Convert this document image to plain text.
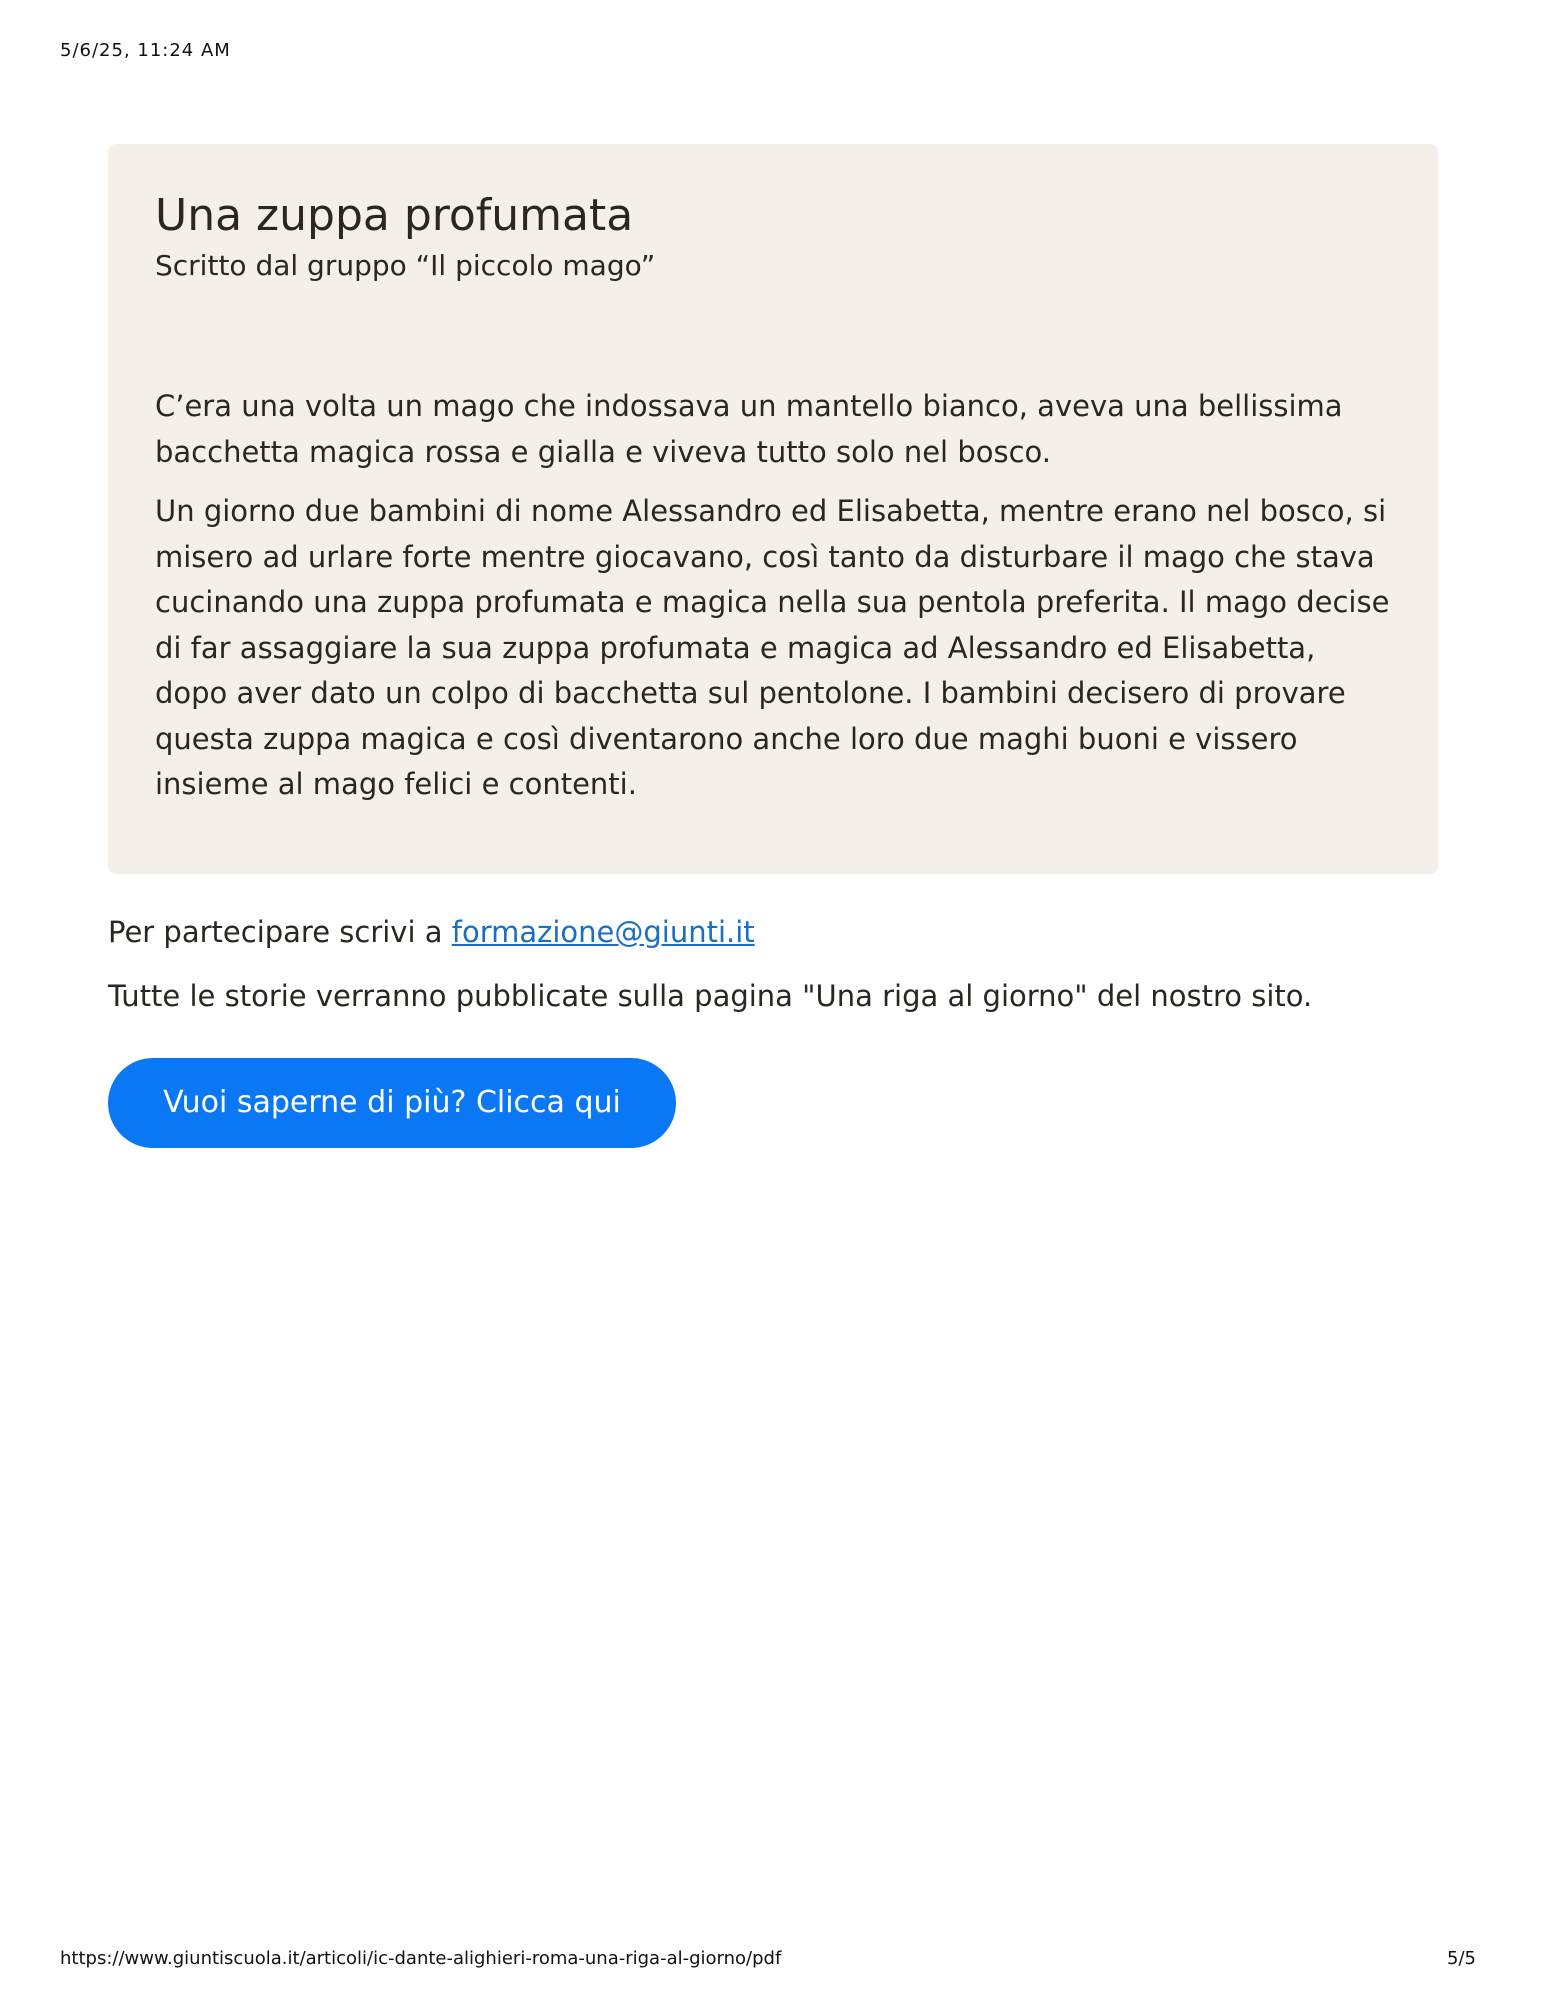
5/6/25, 11:24 AM
Una zuppa profumata

Scritto dal gruppo “Il piccolo mago”

C’era una volta un mago che indossava un mantello bianco, aveva una bellissima bacchetta magica rossa e gialla e viveva tutto solo nel bosco.

Un giorno due bambini di nome Alessandro ed Elisabetta, mentre erano nel bosco, si misero ad urlare forte mentre giocavano, così tanto da disturbare il mago che stava cucinando una zuppa profumata e magica nella sua pentola preferita. Il mago decise di far assaggiare la sua zuppa profumata e magica ad Alessandro ed Elisabetta, dopo aver dato un colpo di bacchetta sul pentolone. I bambini decisero di provare questa zuppa magica e così diventarono anche loro due maghi buoni e vissero insieme al mago felici e contenti.

Per partecipare scrivi a formazione@giunti.it

Tutte le storie verranno pubblicate sulla pagina "Una riga al giorno" del nostro sito.

Vuoi saperne di più? Clicca qui
https://www.giuntiscuola.it/articoli/ic-dante-alighieri-roma-una-riga-al-giorno/pdf	5/5
